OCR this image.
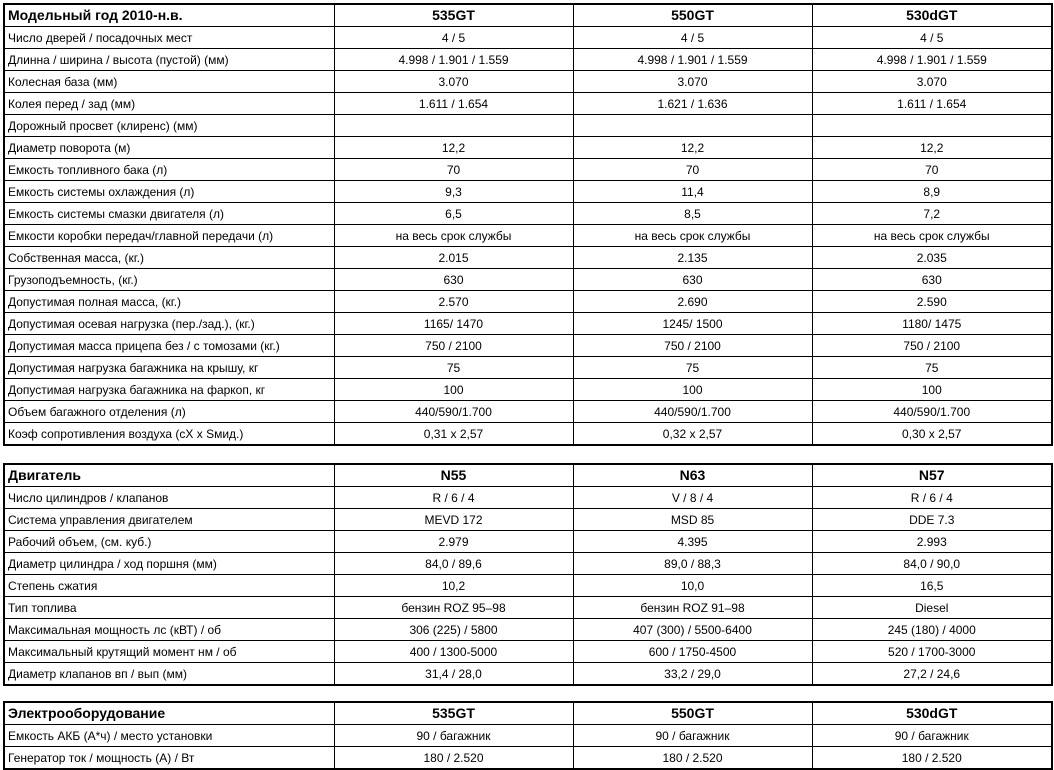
Модельный год 2010-н.в.	535GT	550GT	530dGT
Число дверей / посадочных мест	4 / 5	4 / 5	4 / 5
Длинна / ширина / высота (пустой) (мм)	4.998 / 1.901 / 1.559	4.998 / 1.901 / 1.559	4.998 / 1.901 / 1.559
Колесная база (мм)	3.070	3.070	3.070
Колея перед / зад (мм)	1.611 / 1.654	1.621 / 1.636	1.611 / 1.654
Дорожный просвет (клиренс) (мм)			
Диаметр поворота (м)	12,2	12,2	12,2
Емкость топливного бака (л)	70	70	70
Емкость системы охлаждения (л)	9,3	11,4	8,9
Емкость системы смазки двигателя (л)	6,5	8,5	7,2
Емкости коробки передач/главной передачи (л)	на весь срок службы	на весь срок службы	на весь срок службы
Собственная масса, (кг.)	2.015	2.135	2.035
Грузоподъемность, (кг.)	630	630	630
Допустимая полная масса, (кг.)	2.570	2.690	2.590
Допустимая осевая нагрузка (пер./зад.), (кг.)	1165/ 1470	1245/ 1500	1180/ 1475
Допустимая масса прицепа без / с томозами (кг.)	750 / 2100	750 / 2100	750 / 2100
Допустимая нагрузка багажника на крышу, кг	75	75	75
Допустимая нагрузка багажника на фаркоп, кг	100	100	100
Объем багажного отделения (л)	440/590/1.700	440/590/1.700	440/590/1.700
Коэф сопротивления воздуха (сХ х Sмид.)	0,31 х 2,57	0,32 х 2,57	0,30 х 2,57
Двигатель	N55	N63	N57
Число цилиндров / клапанов	R / 6 / 4	V / 8 / 4	R / 6 / 4
Система управления двигателем	MEVD 172	MSD 85	DDE 7.3
Рабочий объем, (см. куб.)	2.979	4.395	2.993
Диаметр цилиндра / ход поршня (мм)	84,0 / 89,6	89,0 / 88,3	84,0 / 90,0
Степень сжатия	10,2	10,0	16,5
Тип топлива	бензин ROZ 95–98	бензин ROZ 91–98	Diesel
Максимальная мощность лс (кВТ) / об	306 (225) / 5800	407 (300) / 5500-6400	245 (180) / 4000
Максимальный крутящий момент нм / об	400 / 1300-5000	600 / 1750-4500	520 / 1700-3000
Диаметр клапанов вп / вып (мм)	31,4 / 28,0	33,2 / 29,0	27,2 / 24,6
Электрооборудование	535GT	550GT	530dGT
Емкость АКБ (А*ч) / место установки	90 / багажник	90 / багажник	90 / багажник
Генератор ток / мощность (А) / Вт	180 / 2.520	180 / 2.520	180 / 2.520
